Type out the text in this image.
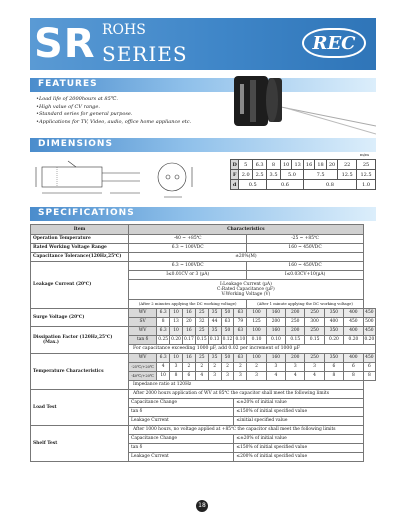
SR ROHS
SERIES	REC
FEATURES
• Load life of 2000hours at 85℃.
• High value of CV range.
• Standard series for general purpose.
• Applications for TV, Video, audio, office home appliance etc.
DIMENSIONS
m/m
D	5	6.3	8	10	13	16	18	20	22	25
F	2.0	2.5	3.5	5.0		7.5			12.5	12.5
d	0.5		0.6			0.8				1.0
SPECIFICATIONS
Item	Characteristics														
Operation Temperature	-40 ~ +85℃								-25 ~ +85℃						
Rated Working Voltage Range	6.3 ~ 100VDC								160 ~ 450VDC						
Capacitance Tolerance(120Hz,25℃)	±20%(M)														
Leakage Current (20℃)	6.3 ~ 100VDC								160 ~ 450VDC						
	I≤0.01CV or 3 (µA)								I≤0.03CV+10(µA)						

	I:Leakage Current (µA)
C:Rated Capacitance (µF)
V:Working Voltage (V)														

	(After 2 minutes applying the DC working voltage)								(After 1 minute applying the DC working voltage)						
Surge Voltage (20℃)	WV	6.3	10	16	25	35	50	63	100	160	200	250	350	400	450
	SV	8	13	20	32	44	63	79	125	200	250	300	400	450	500

Dissipation Factor (120Hz,25℃)
(Max.)	WV	6.3	10	16	25	35	50	63	100	160	200	250	350	400	450
	tan δ	0.25	0.20	0.17	0.15	0.13	0.12	0.10	0.10	0.10	0.15	0.15	0.20	0.20	0.20
	For capacitance exceeding 1000 µF, add 0.02 per increment of 1000 µF														
Temperature Characteristics	WV	6.3	10	16	25	35	50	63	100	160	200	250	350	400	450
	-25℃/+20℃	4	3	2	2	2	2	2	2	3	3	3	6	6	6
	-40℃/+20℃	10	8	6	4	3	3	3	3	4	4	4	8	8	8
	Impedance ratio at 120Hz														
Load Test	After 2000 hours application of WV at 85℃ the capacitor shall meet the following limits														
	Capacitance Change							≤±20% of initial value							
	tan δ							≤150% of initial specified value							
	Leakage Current							≤initial specified value							
Shelf Test	After 1000 hours, no voltage applied at +85℃ the capacitor shall meet the following limits														
	Capacitance Change							≤±20% of initial value							
	tan δ							≤150% of initial specified value							
	Leakage Current							≤200% of initial specified value							
18
